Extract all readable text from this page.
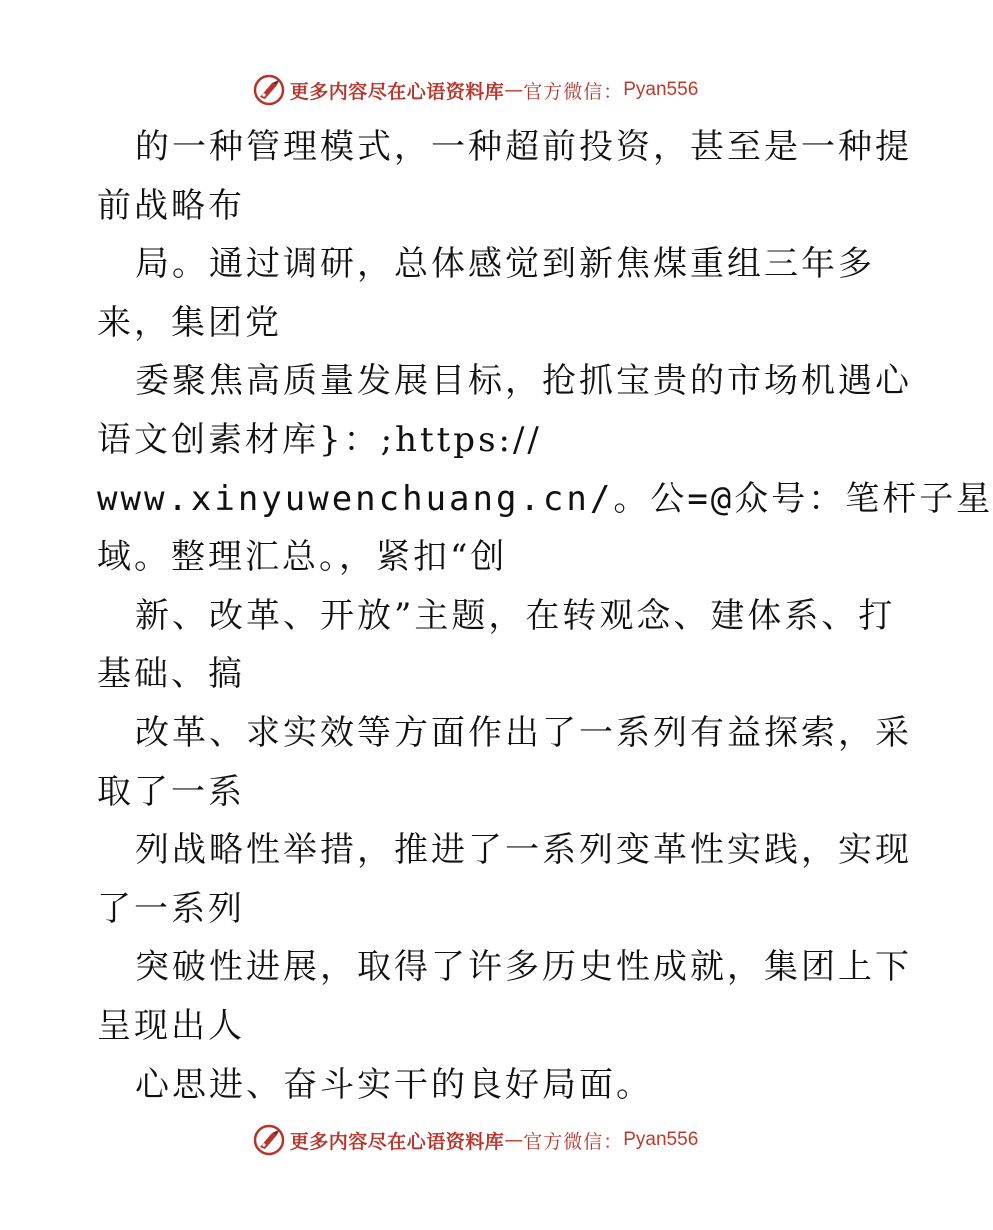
更多内容尽在心语资料库 — 官方微信： Pyan556
的一种管理模式，一种超前投资，甚至是一种提
前战略布
局。通过调研，总体感觉到新焦煤重组三年多
来，集团党
委聚焦高质量发展目标，抢抓宝贵的市场机遇心
语文创素材库}：;https://
www.xinyuwenchuang.cn/。公=@众号：笔杆子星
域。整理汇总。，紧扣“创
新、改革、开放”主题，在转观念、建体系、打
基础、搞
改革、求实效等方面作出了一系列有益探索，采
取了一系
列战略性举措，推进了一系列变革性实践，实现
了一系列
突破性进展，取得了许多历史性成就，集团上下
呈现出人
心思进、奋斗实干的良好局面。
更多内容尽在心语资料库 — 官方微信： Pyan556
